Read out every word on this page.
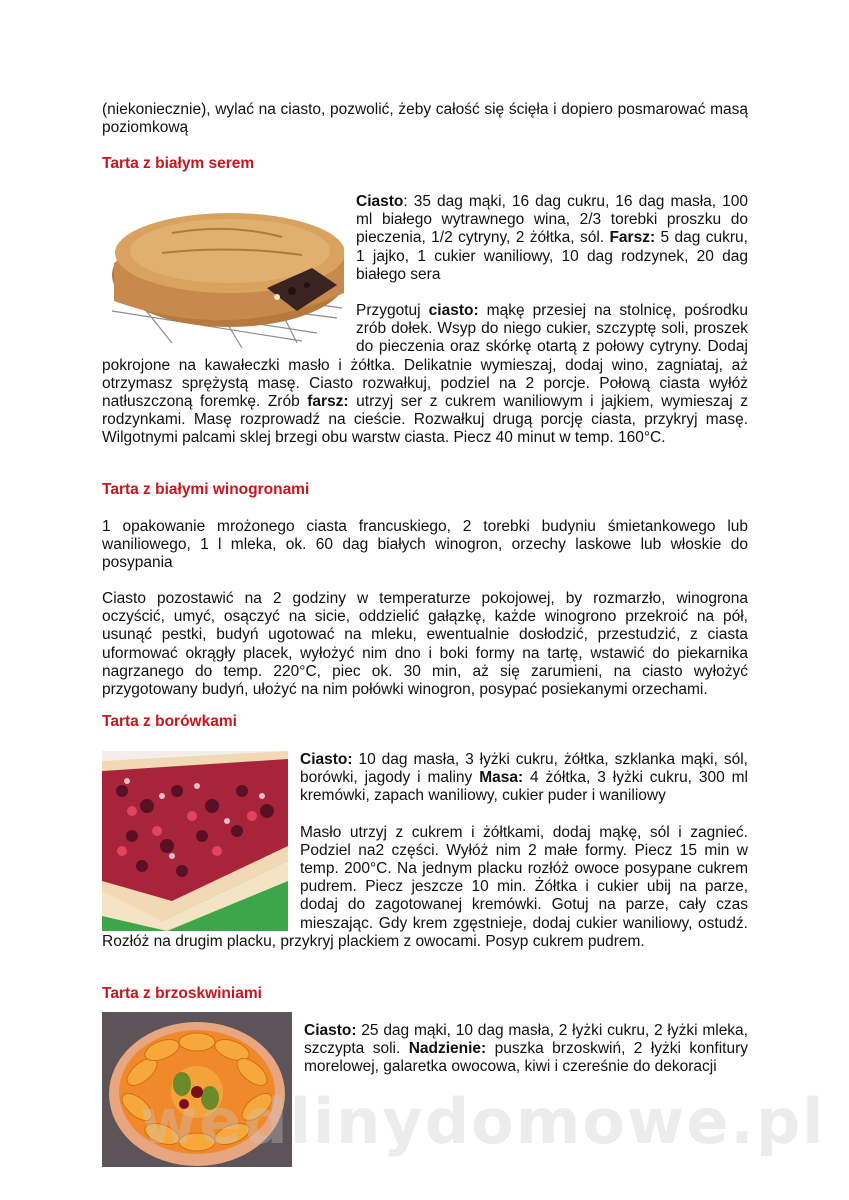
(niekoniecznie), wylać na ciasto, pozwolić, żeby całość się ścięła i dopiero posmarować masą poziomkową

Tarta z białym serem

Ciasto: 35 dag mąki, 16 dag cukru, 16 dag masła, 100 ml białego wytrawnego wina, 2/3 torebki proszku do pieczenia, 1/2 cytryny, 2 żółtka, sól. Farsz: 5 dag cukru, 1 jajko, 1 cukier waniliowy, 10 dag rodzynek, 20 dag białego sera

Przygotuj ciasto: mąkę przesiej na stolnicę, pośrodku zrób dołek. Wsyp do niego cukier, szczyptę soli, proszek do pieczenia oraz skórkę otartą z połowy cytryny. Dodaj pokrojone na kawałeczki masło i żółtka. Delikatnie wymieszaj, dodaj wino, zagniataj, aż otrzymasz sprężystą masę. Ciasto rozwałkuj, podziel na 2 porcje. Połową ciasta wyłóż natłuszczoną foremkę. Zrób farsz: utrzyj ser z cukrem waniliowym i jajkiem, wymieszaj z rodzynkami. Masę rozprowadź na cieście. Rozwałkuj drugą porcję ciasta, przykryj masę. Wilgotnymi palcami sklej brzegi obu warstw ciasta. Piecz 40 minut w temp. 160°C.

Tarta z białymi winogronami

1 opakowanie mrożonego ciasta francuskiego, 2 torebki budyniu śmietankowego lub waniliowego, 1 l mleka, ok. 60 dag białych winogron, orzechy laskowe lub włoskie do posypania

Ciasto pozostawić na 2 godziny w temperaturze pokojowej, by rozmarzło, winogrona oczyścić, umyć, osączyć na sicie, oddzielić gałązkę, każde winogrono przekroić na pół, usunąć pestki, budyń ugotować na mleku, ewentualnie dosłodzić, przestudzić, z ciasta uformować okrągły placek, wyłożyć nim dno i boki formy na tartę, wstawić do piekarnika nagrzanego do temp. 220°C, piec ok. 30 min, aż się zarumieni, na ciasto wyłożyć przygotowany budyń, ułożyć na nim połówki winogron, posypać posiekanymi orzechami.

Tarta z borówkami

Ciasto: 10 dag masła, 3 łyżki cukru, żółtka, szklanka mąki, sól, borówki, jagody i maliny Masa: 4 żółtka, 3 łyżki cukru, 300 ml kremówki, zapach waniliowy, cukier puder i waniliowy

Masło utrzyj z cukrem i żółtkami, dodaj mąkę, sól i zagnieć. Podziel na2 części. Wyłóż nim 2 małe formy. Piecz 15 min w temp. 200°C. Na jednym placku rozłóż owoce posypane cukrem pudrem. Piecz jeszcze 10 min. Żółtka i cukier ubij na parze, dodaj do zagotowanej kremówki. Gotuj na parze, cały czas mieszając. Gdy krem zgęstnieje, dodaj cukier waniliowy, ostudź. Rozłóż na drugim placku, przykryj plackiem z owocami. Posyp cukrem pudrem.

Tarta z brzoskwiniami

Ciasto: 25 dag mąki, 10 dag masła, 2 łyżki cukru, 2 łyżki mleka, szczypta soli. Nadzienie: puszka brzoskwiń, 2 łyżki konfitury morelowej, galaretka owocowa, kiwi i czereśnie do dekoracji

wedlinydomowe.pl
